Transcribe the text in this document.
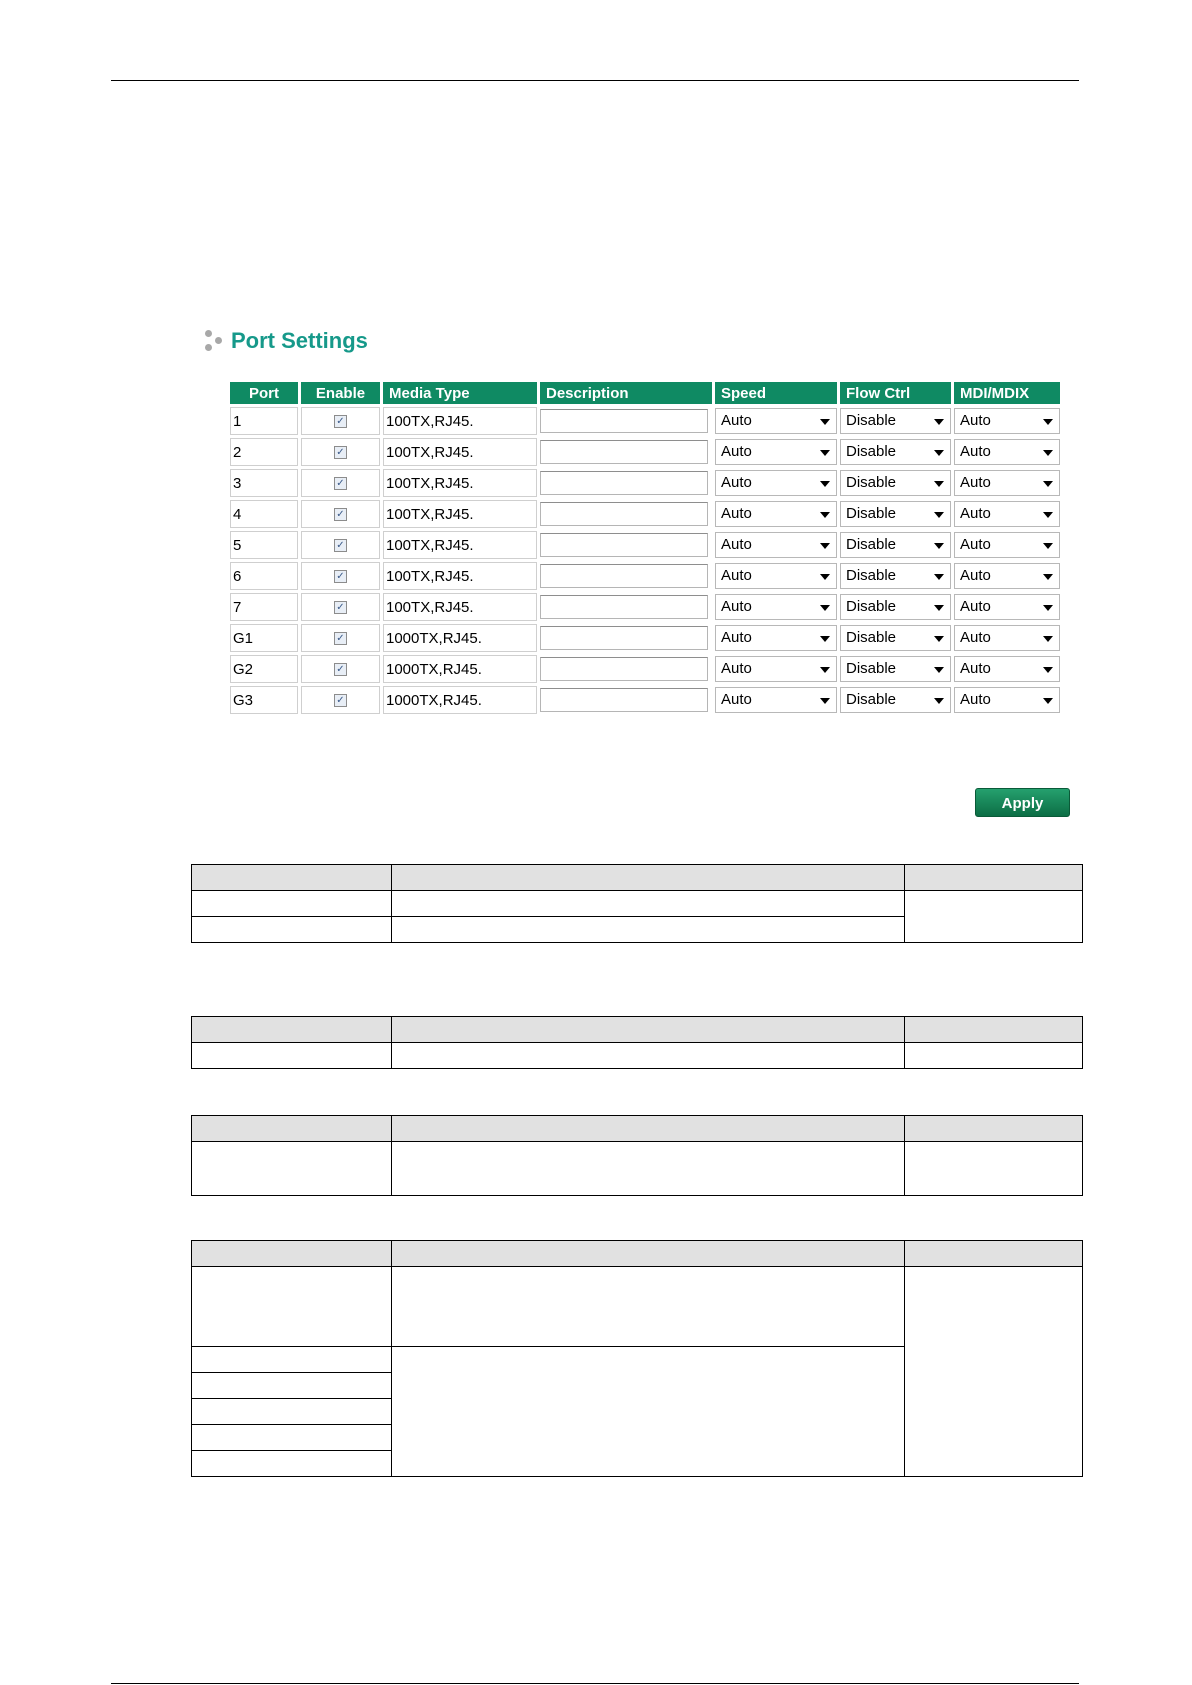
Port Settings
Port	Enable	Media Type	Description	Speed	Flow Ctrl	MDI/MDIX
1	✓	100TX,RJ45.		Auto	Disable	Auto

2	✓	100TX,RJ45.		Auto	Disable	Auto

3	✓	100TX,RJ45.		Auto	Disable	Auto

4	✓	100TX,RJ45.		Auto	Disable	Auto

5	✓	100TX,RJ45.		Auto	Disable	Auto

6	✓	100TX,RJ45.		Auto	Disable	Auto

7	✓	100TX,RJ45.		Auto	Disable	Auto

G1	✓	1000TX,RJ45.		Auto	Disable	Auto

G2	✓	1000TX,RJ45.		Auto	Disable	Auto

G3	✓	1000TX,RJ45.		Auto	Disable	Auto
Apply
